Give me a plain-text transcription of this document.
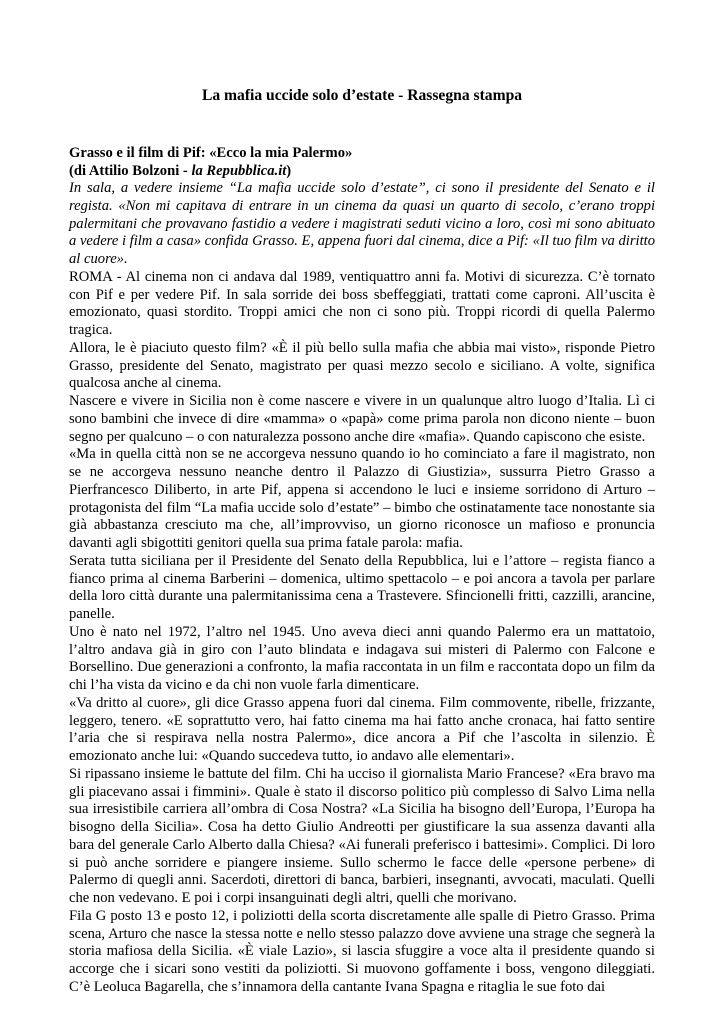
La mafia uccide solo d’estate - Rassegna stampa
Grasso e il film di Pif: «Ecco la mia Palermo»
(di Attilio Bolzoni - la Repubblica.it)
In sala, a vedere insieme “La mafia uccide solo d’estate”, ci sono il presidente del Senato e il regista. «Non mi capitava di entrare in un cinema da quasi un quarto di secolo, c’erano troppi palermitani che provavano fastidio a vedere i magistrati seduti vicino a loro, così mi sono abituato a vedere i film a casa» confida Grasso. E, appena fuori dal cinema, dice a Pif: «Il tuo film va diritto al cuore».

ROMA - Al cinema non ci andava dal 1989, ventiquattro anni fa. Motivi di sicurezza. C’è tornato con Pif e per vedere Pif. In sala sorride dei boss sbeffeggiati, trattati come caproni. All’uscita è emozionato, quasi stordito. Troppi amici che non ci sono più. Troppi ricordi di quella Palermo tragica.

Allora, le è piaciuto questo film? «È il più bello sulla mafia che abbia mai visto», risponde Pietro Grasso, presidente del Senato, magistrato per quasi mezzo secolo e siciliano. A volte, significa qualcosa anche al cinema.

Nascere e vivere in Sicilia non è come nascere e vivere in un qualunque altro luogo d’Italia. Lì ci sono bambini che invece di dire «mamma» o «papà» come prima parola non dicono niente – buon segno per qualcuno – o con naturalezza possono anche dire «mafia». Quando capiscono che esiste.

«Ma in quella città non se ne accorgeva nessuno quando io ho cominciato a fare il magistrato, non se ne accorgeva nessuno neanche dentro il Palazzo di Giustizia», sussurra Pietro Grasso a Pierfrancesco Diliberto, in arte Pif, appena si accendono le luci e insieme sorridono di Arturo – protagonista del film “La mafia uccide solo d’estate” – bimbo che ostinatamente tace nonostante sia già abbastanza cresciuto ma che, all’improvviso, un giorno riconosce un mafioso e pronuncia davanti agli sbigottiti genitori quella sua prima fatale parola: mafia.

Serata tutta siciliana per il Presidente del Senato della Repubblica, lui e l’attore – regista fianco a fianco prima al cinema Barberini – domenica, ultimo spettacolo – e poi ancora a tavola per parlare della loro città durante una palermitanissima cena a Trastevere. Sfincionelli fritti, cazzilli, arancine, panelle.

Uno è nato nel 1972, l’altro nel 1945. Uno aveva dieci anni quando Palermo era un mattatoio, l’altro andava già in giro con l’auto blindata e indagava sui misteri di Palermo con Falcone e Borsellino. Due generazioni a confronto, la mafia raccontata in un film e raccontata dopo un film da chi l’ha vista da vicino e da chi non vuole farla dimenticare.

«Va dritto al cuore», gli dice Grasso appena fuori dal cinema. Film commovente, ribelle, frizzante, leggero, tenero. «E soprattutto vero, hai fatto cinema ma hai fatto anche cronaca, hai fatto sentire l’aria che si respirava nella nostra Palermo», dice ancora a Pif che l’ascolta in silenzio. È emozionato anche lui: «Quando succedeva tutto, io andavo alle elementari».

Si ripassano insieme le battute del film. Chi ha ucciso il giornalista Mario Francese? «Era bravo ma gli piacevano assai i fimmini». Quale è stato il discorso politico più complesso di Salvo Lima nella sua irresistibile carriera all’ombra di Cosa Nostra? «La Sicilia ha bisogno dell’Europa, l’Europa ha bisogno della Sicilia». Cosa ha detto Giulio Andreotti per giustificare la sua assenza davanti alla bara del generale Carlo Alberto dalla Chiesa? «Ai funerali preferisco i battesimi». Complici. Di loro si può anche sorridere e piangere insieme. Sullo schermo le facce delle «persone perbene» di Palermo di quegli anni. Sacerdoti, direttori di banca, barbieri, insegnanti, avvocati, maculati. Quelli che non vedevano. E poi i corpi insanguinati degli altri, quelli che morivano.

Fila G posto 13 e posto 12, i poliziotti della scorta discretamente alle spalle di Pietro Grasso. Prima scena, Arturo che nasce la stessa notte e nello stesso palazzo dove avviene una strage che segnerà la storia mafiosa della Sicilia. «È viale Lazio», si lascia sfuggire a voce alta il presidente quando si accorge che i sicari sono vestiti da poliziotti. Si muovono goffamente i boss, vengono dileggiati. C’è Leoluca Bagarella, che s’innamora della cantante Ivana Spagna e ritaglia le sue foto dai
